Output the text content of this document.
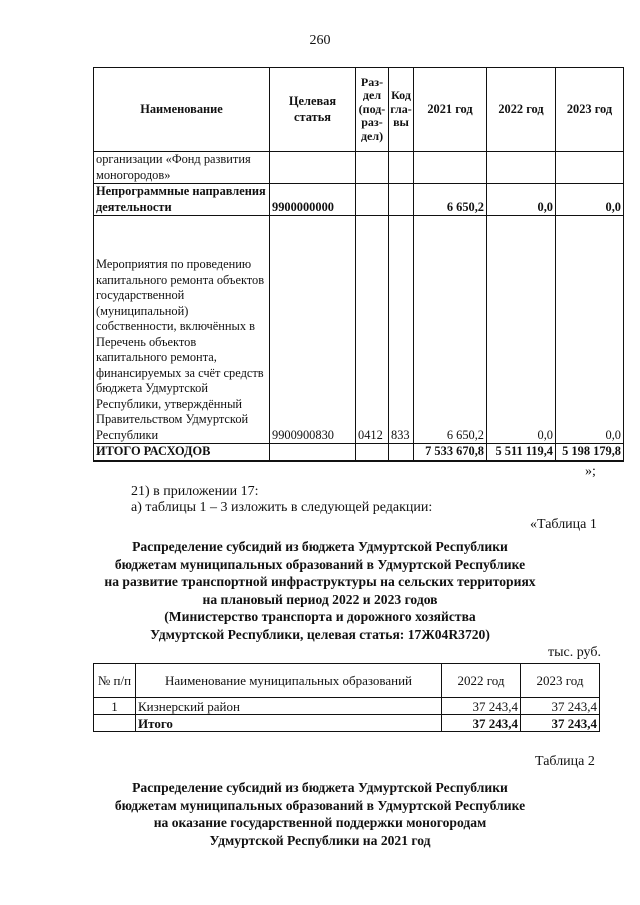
260
Наименование	Целевая статья	Раз- дел (под- раз- дел)	Код гла- вы	2021 год	2022 год	2023 год
организации «Фонд развития моногородов»						
Непрограммные направления деятельности	9900000000			6 650,2	0,0	0,0
Мероприятия по проведению капитального ремонта объектов государственной (муниципальной) собственности, включённых в Перечень объектов капитального ремонта, финансируемых за счёт средств бюджета Удмуртской Республики, утверждённый Правительством Удмуртской Республики	9900900830	0412	833	6 650,2	0,0	0,0
ИТОГО РАСХОДОВ				7 533 670,8	5 511 119,4	5 198 179,8
»;
21) в приложении 17:
а) таблицы 1 – 3 изложить в следующей редакции:
«Таблица 1
Распределение субсидий из бюджета Удмуртской Республики
бюджетам муниципальных образований в Удмуртской Республике
на развитие транспортной инфраструктуры на сельских территориях
на плановый период 2022 и 2023 годов
(Министерство транспорта и дорожного хозяйства
Удмуртской Республики, целевая статья: 17Ж04R3720)
тыс. руб.
№ п/п	Наименование муниципальных образований	2022 год	2023 год
1	Кизнерский район	37 243,4	37 243,4
	Итого	37 243,4	37 243,4
Таблица 2
Распределение субсидий из бюджета Удмуртской Республики
бюджетам муниципальных образований в Удмуртской Республике
на оказание государственной поддержки моногородам
Удмуртской Республики на 2021 год
